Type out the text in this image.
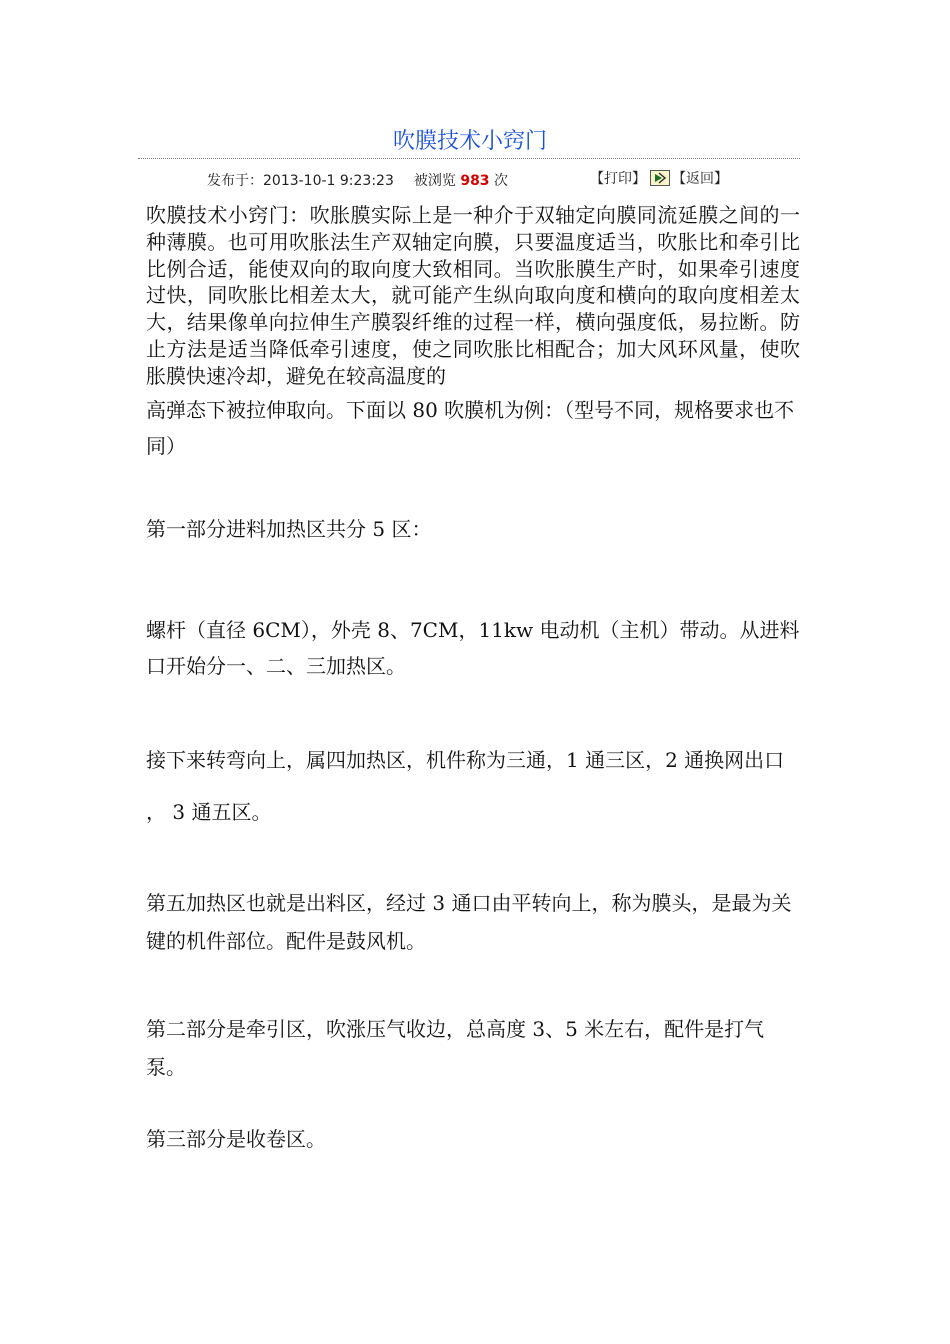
吹膜技术小窍门
发布于：2013-10-1 9:23:23 被浏览 983 次	【打印】 【返回】
吹膜技术小窍门：吹胀膜实际上是一种介于双轴定向膜同流延膜之间的一种薄膜。也可用吹胀法生产双轴定向膜，只要温度适当，吹胀比和牵引比比例合适，能使双向的取向度大致相同。当吹胀膜生产时，如果牵引速度过快，同吹胀比相差太大，就可能产生纵向取向度和横向的取向度相差太大，结果像单向拉伸生产膜裂纤维的过程一样，横向强度低，易拉断。防止方法是适当降低牵引速度，使之同吹胀比相配合；加大风环风量，使吹胀膜快速冷却，避免在较高温度的
高弹态下被拉伸取向。下面以 80 吹膜机为例：（型号不同，规格要求也不同）
第一部分进料加热区共分 5 区：
螺杆（直径 6CM），外壳 8、7CM，11kw 电动机（主机）带动。从进料口开始分一、二、三加热区。
接下来转弯向上，属四加热区，机件称为三通，1 通三区，2 通换网出口 ， 3 通五区。
第五加热区也就是出料区，经过 3 通口由平转向上，称为膜头，是最为关键的机件部位。配件是鼓风机。
第二部分是牵引区，吹涨压气收边，总高度 3、5 米左右，配件是打气泵。
第三部分是收卷区。
